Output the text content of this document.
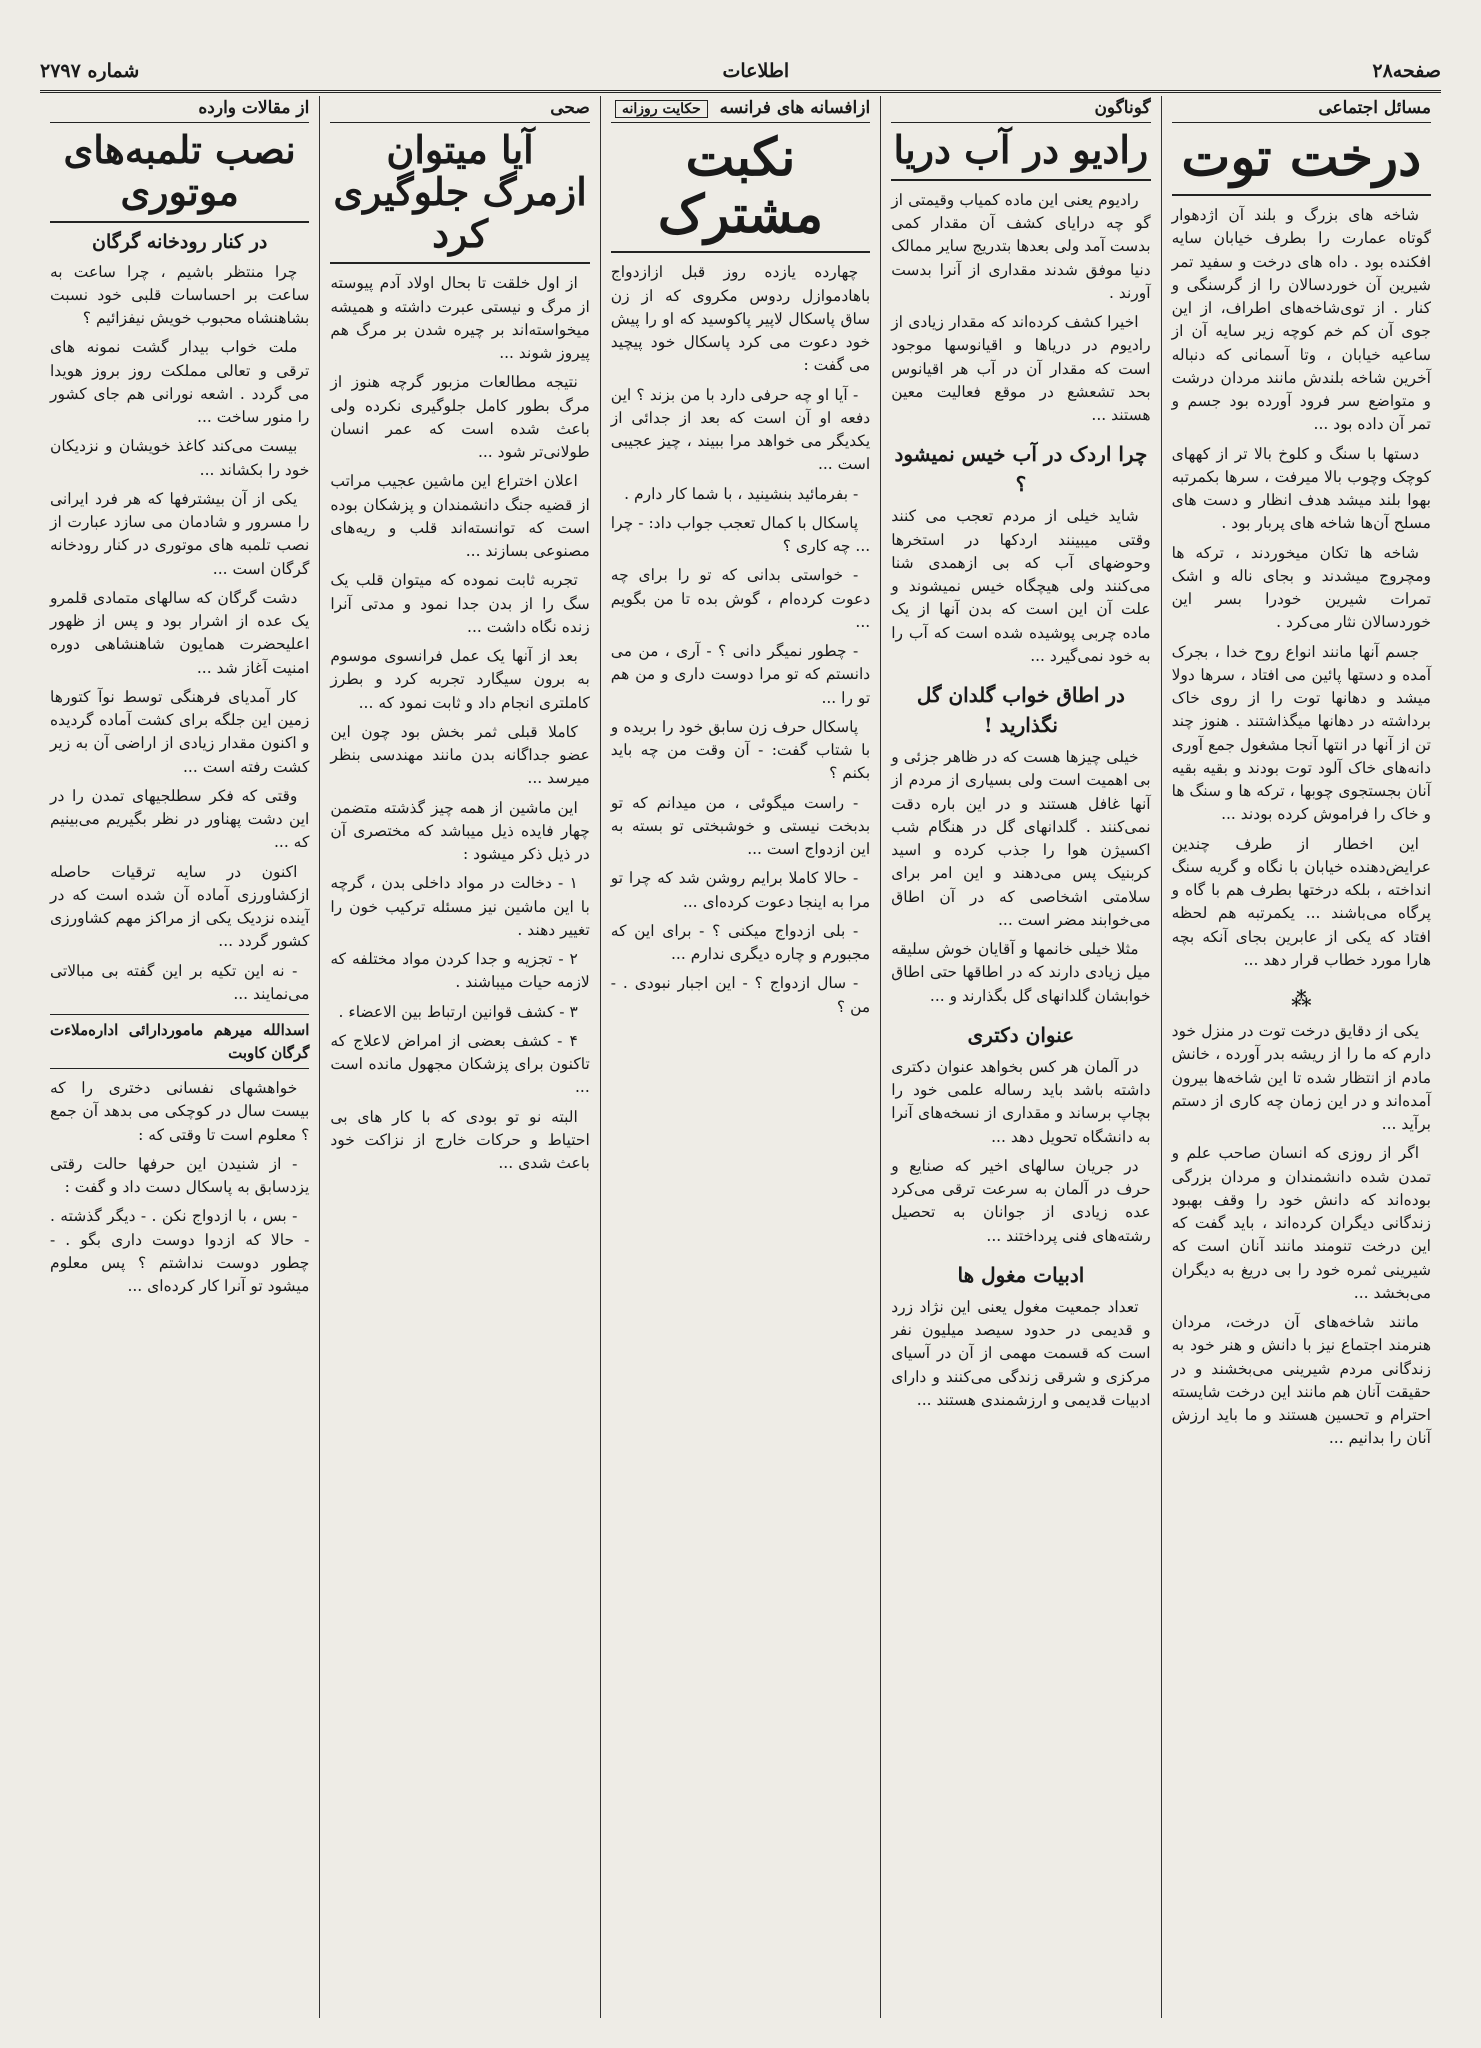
صفحه۲۸
اطلاعات
شماره ۲۷۹۷
مسائل اجتماعی
درخت توت

شاخه های بزرگ و بلند آن اژدهوار گوتاه عمارت را بطرف خیابان سایه افکنده بود . داه های درخت و سفید تمر شیرین آن خوردسالان را از گرسنگی و کنار . از توی‌شاخه‌های اطراف، از این جوی آن کم خم کوچه زیر سایه آن از ساعیه خیابان ، وتا آسمانی که دنباله آخرین شاخه بلندش مانند مردان درشت و متواضع سر فرود آورده بود جسم و تمر آن داده بود ...

دستها با سنگ و کلوخ بالا تر از کههای کوچک وچوب بالا میرفت ، سرها بکمرتبه بهوا بلند میشد هدف انظار و دست های مسلح آن‌ها شاخه های پربار بود .

شاخه ها تکان میخوردند ، ترکه ها ومچروج میشدند و بجای ناله و اشک تمرات شیرین خودرا بسر این خوردسالان نثار می‌کرد .

جسم آنها مانند انواع روح خدا ، بجرک آمده و دستها پائین می افتاد ، سرها دولا میشد و دهانها توت را از روی خاک برداشته در دهانها میگذاشتند . هنوز چند تن از آنها در انتها آنجا مشغول جمع آوری دانه‌های خاک آلود توت بودند و بقیه بقیه آنان بجستجوی چوبها ، ترکه ها و سنگ ها و خاک را فراموش کرده بودند ...

این اخطار از طرف چندین عرایض‌دهنده خیابان با نگاه و گریه سنگ انداخته ، بلکه درختها بطرف هم با گاه و پرگاه می‌باشند ... یکمرتبه هم لحظه افتاد که یکی از عابرین بجای آنکه بچه هارا مورد خطاب قرار دهد ...

⁂

یکی از دقایق درخت توت در منزل خود دارم که ما را از ریشه بدر آورده ، خانش مادم از انتظار شده تا این شاخه‌ها بیرون آمده‌اند و در این زمان چه کاری از دستم برآید ...

اگر از روزی که انسان صاحب علم و تمدن شده دانشمندان و مردان بزرگی بوده‌اند که دانش خود را وقف بهبود زندگانی دیگران کرده‌اند ، باید گفت که این درخت تنومند مانند آنان است که شیرینی ثمره خود را بی دریغ به دیگران می‌بخشد ...

مانند شاخه‌های آن درخت، مردان هنرمند اجتماع نیز با دانش و هنر خود به زندگانی مردم شیرینی می‌بخشند و در حقیقت آنان هم مانند این درخت شایسته احترام و تحسین هستند و ما باید ارزش آنان را بدانیم ...

گوناگون
رادیو در آب دریا

رادیوم یعنی این ماده کمیاب وقیمتی از گو چه درایای کشف آن مقدار کمی بدست آمد ولی بعدها بتدریج سایر ممالک دنیا موفق شدند مقداری از آنرا بدست آورند .

اخیرا کشف کرده‌اند که مقدار زیادی از رادیوم در دریاها و اقیانوسها موجود است که مقدار آن در آب هر اقیانوس بحد تشعشع در موقع فعالیت معین هستند ...

چرا اردک در آب خیس نمیشود ؟

شاید خیلی از مردم تعجب می کنند وقتی میبینند اردکها در استخرها وحوضهای آب که بی ازهمدی شنا می‌کنند ولی هیچگاه خیس نمیشوند و علت آن این است که بدن آنها از یک ماده چربی پوشیده شده است که آب را به خود نمی‌گیرد ...

در اطاق خواب گلدان گل نگذارید !

خیلی چیزها هست که در ظاهر جزئی و بی اهمیت است ولی بسیاری از مردم از آنها غافل هستند و در این باره دقت نمی‌کنند . گلدانهای گل در هنگام شب اکسیژن هوا را جذب کرده و اسید کربنیک پس می‌دهند و این امر برای سلامتی اشخاصی که در آن اطاق می‌خوابند مضر است ...

مثلا خیلی خانمها و آقایان خوش سلیقه میل زیادی دارند که در اطاقها حتی اطاق خوابشان گلدانهای گل بگذارند و ...

عنوان دکتری

در آلمان هر کس بخواهد عنوان دکتری داشته باشد باید رساله علمی خود را بچاپ برساند و مقداری از نسخه‌های آنرا به دانشگاه تحویل دهد ...

در جریان سالهای اخیر که صنایع و حرف در آلمان به سرعت ترقی می‌کرد عده زیادی از جوانان به تحصیل رشته‌های فنی پرداختند ...

ادبیات مغول ها

تعداد جمعیت مغول یعنی این نژاد زرد و قدیمی در حدود سیصد میلیون نفر است که قسمت مهمی از آن در آسیای مرکزی و شرقی زندگی می‌کنند و دارای ادبیات قدیمی و ارزشمندی هستند ...

ازافسانه های فرانسه حکایت روزانه
نکبت مشترک

چهارده یازده روز قبل ازازدواج باهادموازل ردوس مکروی که از زن ساق پاسکال لاپیر پاکوسید که او را پیش خود دعوت می کرد پاسکال خود پیچید می گفت :

- آیا او چه حرفی دارد با من بزند ؟ این دفعه او آن است که بعد از جدائی از یکدیگر می خواهد مرا ببیند ، چیز عجیبی است ...

- بفرمائید بنشینید ، با شما کار دارم .

پاسکال با کمال تعجب جواب داد: - چرا ... چه کاری ؟

- خواستی بدانی که تو را برای چه دعوت کرده‌ام ، گوش بده تا من بگویم ...

- چطور نمیگر دانی ؟ - آری ، من می دانستم که تو مرا دوست داری و من هم تو را ...

پاسکال حرف زن سابق خود را بریده و با شتاب گفت: - آن وقت من چه باید بکنم ؟

- راست میگوئی ، من میدانم که تو بدبخت نیستی و خوشبختی تو بسته به این ازدواج است ...

- حالا کاملا برایم روشن شد که چرا تو مرا به اینجا دعوت کرده‌ای ...

- بلی ازدواج میکنی ؟ - برای این که مجبورم و چاره دیگری ندارم ...

- سال ازدواج ؟ - این اجبار نبودی . - من ؟

صحی
آیا میتوان ازمرگ جلوگیری کرد

از اول خلقت تا بحال اولاد آدم پیوسته از مرگ و نیستی عبرت داشته و همیشه میخواسته‌اند بر چیره شدن بر مرگ هم پیروز شوند ...

نتیجه مطالعات مزبور گرچه هنوز از مرگ بطور کامل جلوگیری نکرده ولی باعث شده است که عمر انسان طولانی‌تر شود ...

اعلان اختراع این ماشین عجیب مراتب از قضیه جنگ دانشمندان و پزشکان بوده است که توانسته‌اند قلب و ریه‌های مصنوعی بسازند ...

تجربه ثابت نموده که میتوان قلب یک سگ را از بدن جدا نمود و مدتی آنرا زنده نگاه داشت ...

بعد از آنها یک عمل فرانسوی موسوم به برون سیگارد تجربه کرد و بطرز کاملتری انجام داد و ثابت نمود که ...

کاملا قبلی ثمر بخش بود چون این عضو جداگانه بدن مانند مهندسی بنظر میرسد ...

این ماشین از همه چیز گذشته متضمن چهار فایده ذیل میباشد که مختصری آن در ذیل ذکر میشود :

۱ - دخالت در مواد داخلی بدن ، گرچه با این ماشین نیز مسئله ترکیب خون را تغییر دهند .

۲ - تجزیه و جدا کردن مواد مختلفه که لازمه حیات میباشند .

۳ - کشف قوانین ارتباط بین الاعضاء .

۴ - کشف بعضی از امراض لاعلاج که تاکنون برای پزشکان مجهول مانده است ...

البته نو تو بودی که با کار های بی احتیاط و حرکات خارج از نزاکت خود باعث شدی ...

از مقالات وارده
نصب تلمبه‌های موتوری
در کنار رودخانه گرگان

چرا منتظر باشیم ، چرا ساعت به ساعت بر احساسات قلبی خود نسبت بشاهنشاه محبوب خویش نیفزائیم ؟

ملت خواب بیدار گشت نمونه های ترقی و تعالی مملکت روز بروز هویدا می گردد . اشعه نورانی هم جای کشور را منور ساخت ...

بیست می‌کند کاغذ خویشان و نزدیکان خود را بکشاند ...

یکی از آن بیشترفها که هر فرد ایرانی را مسرور و شادمان می سازد عبارت از نصب تلمبه های موتوری در کنار رودخانه گرگان است ...

دشت گرگان که سالهای متمادی قلمرو یک عده از اشرار بود و پس از ظهور اعلیحضرت همایون شاهنشاهی دوره امنیت آغاز شد ...

کار آمدیای فرهنگی توسط نوآ کتورها زمین این جلگه برای کشت آماده گردیده و اکنون مقدار زیادی از اراضی آن به زیر کشت رفته است ...

وقتی که فکر سطلجیهای تمدن را در این دشت پهناور در نظر بگیریم می‌بینیم که ...

اکنون در سایه ترقیات حاصله ازکشاورزی آماده آن شده است که در آینده نزدیک یکی از مراکز مهم کشاورزی کشور گردد ...

- نه این تکیه بر این گفته بی مبالاتی می‌نمایند ...

اسدالله میرهم ماموردارائی ادار‌ه‌ملاءت گرگان کاوبت

خواهشهای نفسانی دختری را که بیست سال در کوچکی می بدهد آن جمع ؟ معلوم است تا وقتی که :

- از شنیدن این حرفها حالت رقتی یزدسابق به پاسکال دست داد و گفت :

- بس ، با ازدواج نکن . - دیگر گذشته . - حالا که ازدوا دوست داری بگو . - چطور دوست نداشتم ؟ پس معلوم میشود تو آنرا کار کرده‌ای ...
